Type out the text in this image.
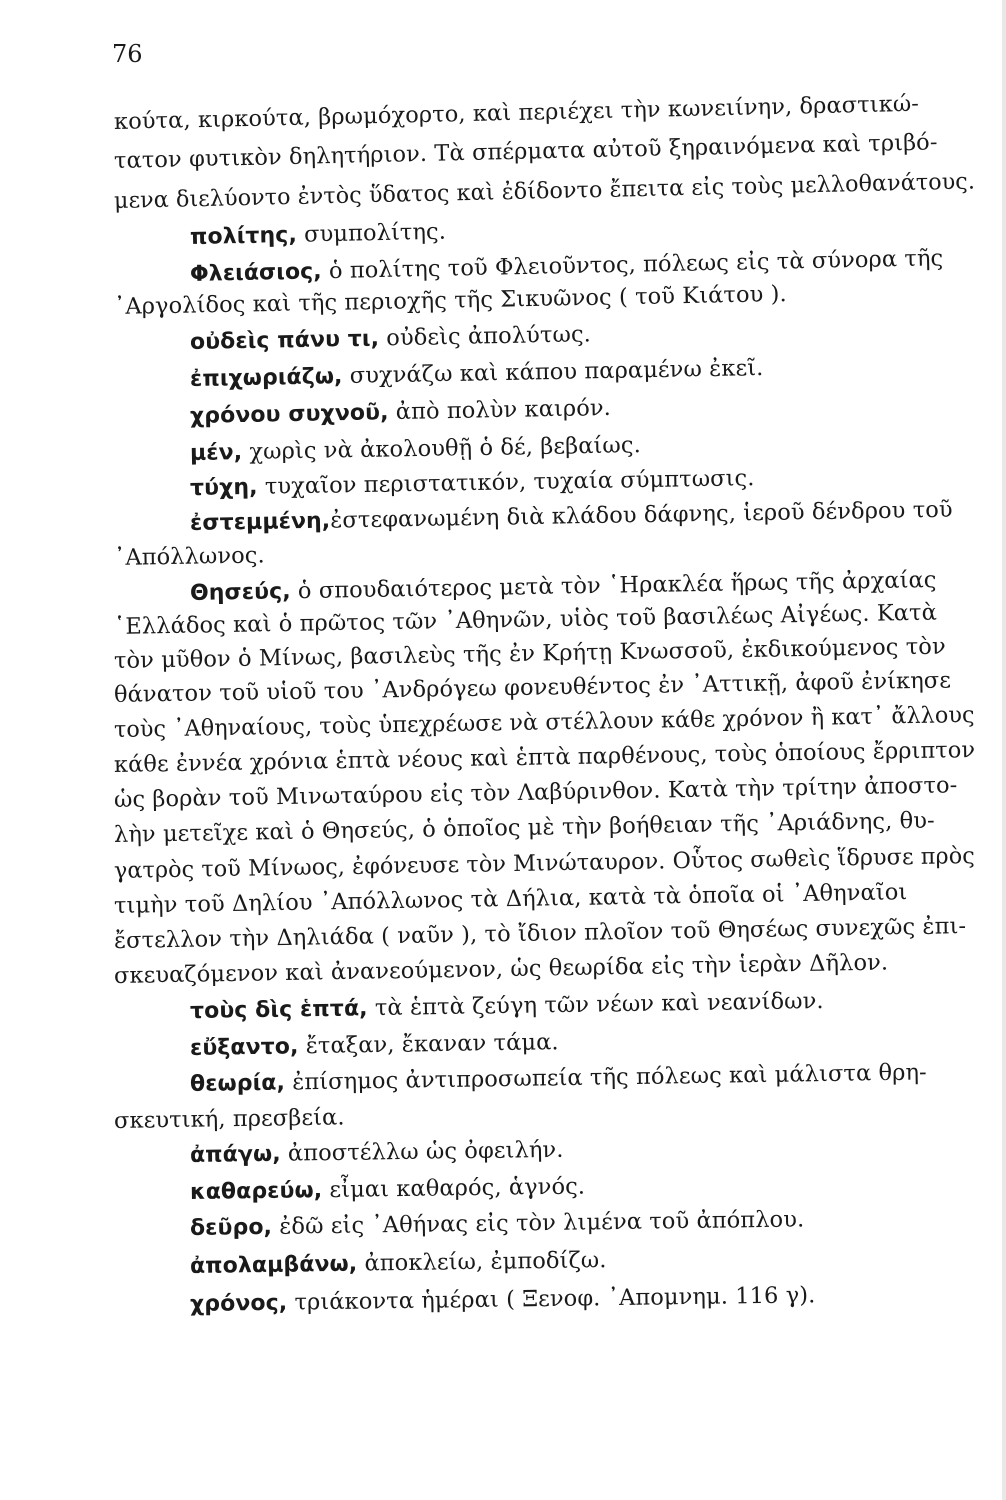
76
κούτα, κιρκούτα, βρωμόχορτο, καὶ περιέχει τὴν κωνειίνην, δραστικώ-
τατον φυτικὸν δηλητήριον. Τὰ σπέρματα αὐτοῦ ξηραινόμενα καὶ τριβό-
μενα διελύοντο ἐντὸς ὕδατος καὶ ἐδίδοντο ἔπειτα εἰς τοὺς μελλοθανάτους.
πολίτης, συμπολίτης.
Φλειάσιος, ὁ πολίτης τοῦ Φλειοῦντος, πόλεως εἰς τὰ σύνορα τῆς
᾿Αργολίδος καὶ τῆς περιοχῆς τῆς Σικυῶνος ( τοῦ Κιάτου ).
οὐδεὶς πάνυ τι, οὐδεὶς ἀπολύτως.
ἐπιχωριάζω, συχνάζω καὶ κάπου παραμένω ἐκεῖ.
χρόνου συχνοῦ, ἀπὸ πολὺν καιρόν.
μέν, χωρὶς νὰ ἀκολουθῇ ὁ δέ, βεβαίως.
τύχη, τυχαῖον περιστατικόν, τυχαία σύμπτωσις.
ἐστεμμένη,ἐστεφανωμένη διὰ κλάδου δάφνης, ἱεροῦ δένδρου τοῦ
᾿Απόλλωνος.
Θησεύς, ὁ σπουδαιότερος μετὰ τὸν ῾Ηρακλέα ἥρως τῆς ἀρχαίας
῾Ελλάδος καὶ ὁ πρῶτος τῶν ᾿Αθηνῶν, υἱὸς τοῦ βασιλέως Αἰγέως. Κατὰ
τὸν μῦθον ὁ Μίνως, βασιλεὺς τῆς ἐν Κρήτῃ Κνωσσοῦ, ἐκδικούμενος τὸν
θάνατον τοῦ υἱοῦ του ᾿Ανδρόγεω φονευθέντος ἐν ᾿Αττικῇ, ἀφοῦ ἐνίκησε
τοὺς ᾿Αθηναίους, τοὺς ὑπεχρέωσε νὰ στέλλουν κάθε χρόνον ἢ κατ᾿ ἄλλους
κάθε ἐννέα χρόνια ἑπτὰ νέους καὶ ἑπτὰ παρθένους, τοὺς ὁποίους ἔρριπτον
ὡς βορὰν τοῦ Μινωταύρου εἰς τὸν Λαβύρινθον. Κατὰ τὴν τρίτην ἀποστο-
λὴν μετεῖχε καὶ ὁ Θησεύς, ὁ ὁποῖος μὲ τὴν βοήθειαν τῆς ᾿Αριάδνης, θυ-
γατρὸς τοῦ Μίνωος, ἐφόνευσε τὸν Μινώταυρον. Οὗτος σωθεὶς ἵδρυσε πρὸς
τιμὴν τοῦ Δηλίου ᾿Απόλλωνος τὰ Δήλια, κατὰ τὰ ὁποῖα οἱ ᾿Αθηναῖοι
ἔστελλον τὴν Δηλιάδα ( ναῦν ), τὸ ἴδιον πλοῖον τοῦ Θησέως συνεχῶς ἐπι-
σκευαζόμενον καὶ ἀνανεούμενον, ὡς θεωρίδα εἰς τὴν ἱερὰν Δῆλον.
τοὺς δὶς ἑπτά, τὰ ἑπτὰ ζεύγη τῶν νέων καὶ νεανίδων.
εὔξαντο, ἔταξαν, ἔκαναν τάμα.
θεωρία, ἐπίσημος ἀντιπροσωπεία τῆς πόλεως καὶ μάλιστα θρη-
σκευτική, πρεσβεία.
ἀπάγω, ἀποστέλλω ὡς ὀφειλήν.
καθαρεύω, εἶμαι καθαρός, ἁγνός.
δεῦρο, ἐδῶ εἰς ᾿Αθήνας εἰς τὸν λιμένα τοῦ ἀπόπλου.
ἀπολαμβάνω, ἀποκλείω, ἐμποδίζω.
χρόνος, τριάκοντα ἡμέραι ( Ξενοφ. ᾿Απομνημ. 116 γ).
